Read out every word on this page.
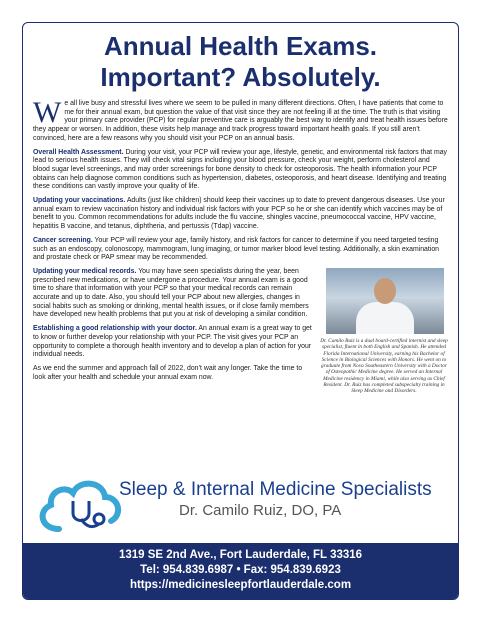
Annual Health Exams.
Important? Absolutely.

We all live busy and stressful lives where we seem to be pulled in many different directions. Often, I have patients that come to me for their annual exam, but question the value of that visit since they are not feeling ill at the time. The truth is that visiting your primary care provider (PCP) for regular preventive care is arguably the best way to identify and treat health issues before they appear or worsen. In addition, these visits help manage and track progress toward important health goals. If you still aren’t convinced, here are a few reasons why you should visit your PCP on an annual basis.

Overall Health Assessment. During your visit, your PCP will review your age, lifestyle, genetic, and environmental risk factors that may lead to serious health issues. They will check vital signs including your blood pressure, check your weight, perform cholesterol and blood sugar level screenings, and may order screenings for bone density to check for osteoporosis. The health information your PCP obtains can help diagnose common conditions such as hypertension, diabetes, osteoporosis, and heart disease. Identifying and treating these conditions can vastly improve your quality of life.

Updating your vaccinations. Adults (just like children) should keep their vaccines up to date to prevent dangerous diseases. Use your annual exam to review vaccination history and individual risk factors with your PCP so he or she can identify which vaccines may be of benefit to you. Common recommendations for adults include the flu vaccine, shingles vaccine, pneumococcal vaccine, HPV vaccine, hepatitis B vaccine, and tetanus, diphtheria, and pertussis (Tdap) vaccine.

Cancer screening. Your PCP will review your age, family history, and risk factors for cancer to determine if you need targeted testing such as an endoscopy, colonoscopy, mammogram, lung imaging, or tumor marker blood level testing. Additionally, a skin examination and prostate check or PAP smear may be recommended.

Updating your medical records. You may have seen specialists during the year, been prescribed new medications, or have undergone a procedure. Your annual exam is a good time to share that information with your PCP so that your medical records can remain accurate and up to date. Also, you should tell your PCP about new allergies, changes in social habits such as smoking or drinking, mental health issues, or if close family members have developed new health problems that put you at risk of developing a similar condition.

Establishing a good relationship with your doctor. An annual exam is a great way to get to know or further develop your relationship with your PCP. The visit gives your PCP an opportunity to complete a thorough health inventory and to develop a plan of action for your individual needs.

As we end the summer and approach fall of 2022, don’t wait any longer. Take the time to look after your health and schedule your annual exam now.

Dr. Camilo Ruiz is a dual board-certified internist and sleep specialist, fluent in both English and Spanish. He attended Florida International University, earning his Bachelor of Science in Biological Sciences with Honors. He went on to graduate from Nova Southeastern University with a Doctor of Osteopathic Medicine degree. He served an Internal Medicine residency in Miami, while also serving as Chief Resident. Dr. Ruiz has completed subspecialty training in Sleep Medicine and Disorders.
Sleep & Internal Medicine Specialists
Dr. Camilo Ruiz, DO, PA
1319 SE 2nd Ave., Fort Lauderdale, FL 33316
Tel: 954.839.6987 • Fax: 954.839.6923
https://medicinesleepfortlauderdale.com
